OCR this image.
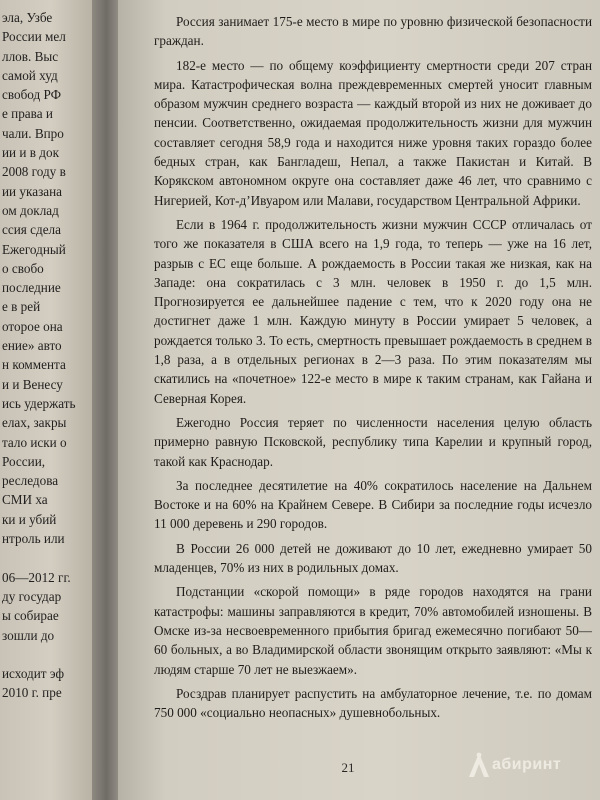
эла, Узбе
России мел
ллов. Выс
самой худ
свобод РФ
е права и
чали. Впро
ии и в док
2008 году в
ии указана
ом доклад
ссия сдела
Ежегодный
о свобо
последние
е в рей
оторое она
ение» авто
н коммента
и и Венесу
ись удержать
елах, закры
тало иски о
России,
реследова
СМИ ха
ки и убий
нтроль или

06—2012 гг.
ду государ
ы собирае
зошли до

исходит эф
2010 г. пре

Россия занимает 175-е место в мире по уровню физической безопасности граждан.

182-е место — по общему коэффициенту смертности среди 207 стран мира. Катастрофическая волна преждевременных смертей уносит главным образом мужчин среднего возраста — каждый второй из них не доживает до пенсии. Соответственно, ожидаемая продолжительность жизни для мужчин составляет сегодня 58,9 года и находится ниже уровня таких гораздо более бедных стран, как Бангладеш, Непал, а также Пакистан и Китай. В Корякском автономном округе она составляет даже 46 лет, что сравнимо с Нигерией, Кот-д’Ивуаром или Малави, государством Центральной Африки.

Если в 1964 г. продолжительность жизни мужчин СССР отличалась от того же показателя в США всего на 1,9 года, то теперь — уже на 16 лет, разрыв с ЕС еще больше. А рождаемость в России такая же низкая, как на Западе: она сократилась с 3 млн. человек в 1950 г. до 1,5 млн. Прогнозируется ее дальнейшее падение с тем, что к 2020 году она не достигнет даже 1 млн. Каждую минуту в России умирает 5 человек, а рождается только 3. То есть, смертность превышает рождаемость в среднем в 1,8 раза, а в отдельных регионах в 2—3 раза. По этим показателям мы скатились на «почетное» 122-е место в мире к таким странам, как Гайана и Северная Корея.

Ежегодно Россия теряет по численности населения целую область примерно равную Псковской, республику типа Карелии и крупный город, такой как Краснодар.

За последнее десятилетие на 40% сократилось население на Дальнем Востоке и на 60% на Крайнем Севере. В Сибири за последние годы исчезло 11 000 деревень и 290 городов.

В России 26 000 детей не доживают до 10 лет, ежедневно умирает 50 младенцев, 70% из них в родильных домах.

Подстанции «скорой помощи» в ряде городов находятся на грани катастрофы: машины заправляются в кредит, 70% автомобилей изношены. В Омске из-за несвоевременного прибытия бригад ежемесячно погибают 50—60 больных, а во Владимирской области звонящим открыто заявляют: «Мы к людям старше 70 лет не выезжаем».

Росздрав планирует распустить на амбулаторное лечение, т.е. по домам 750 000 «социально неопасных» душевнобольных.

21	абиринт
